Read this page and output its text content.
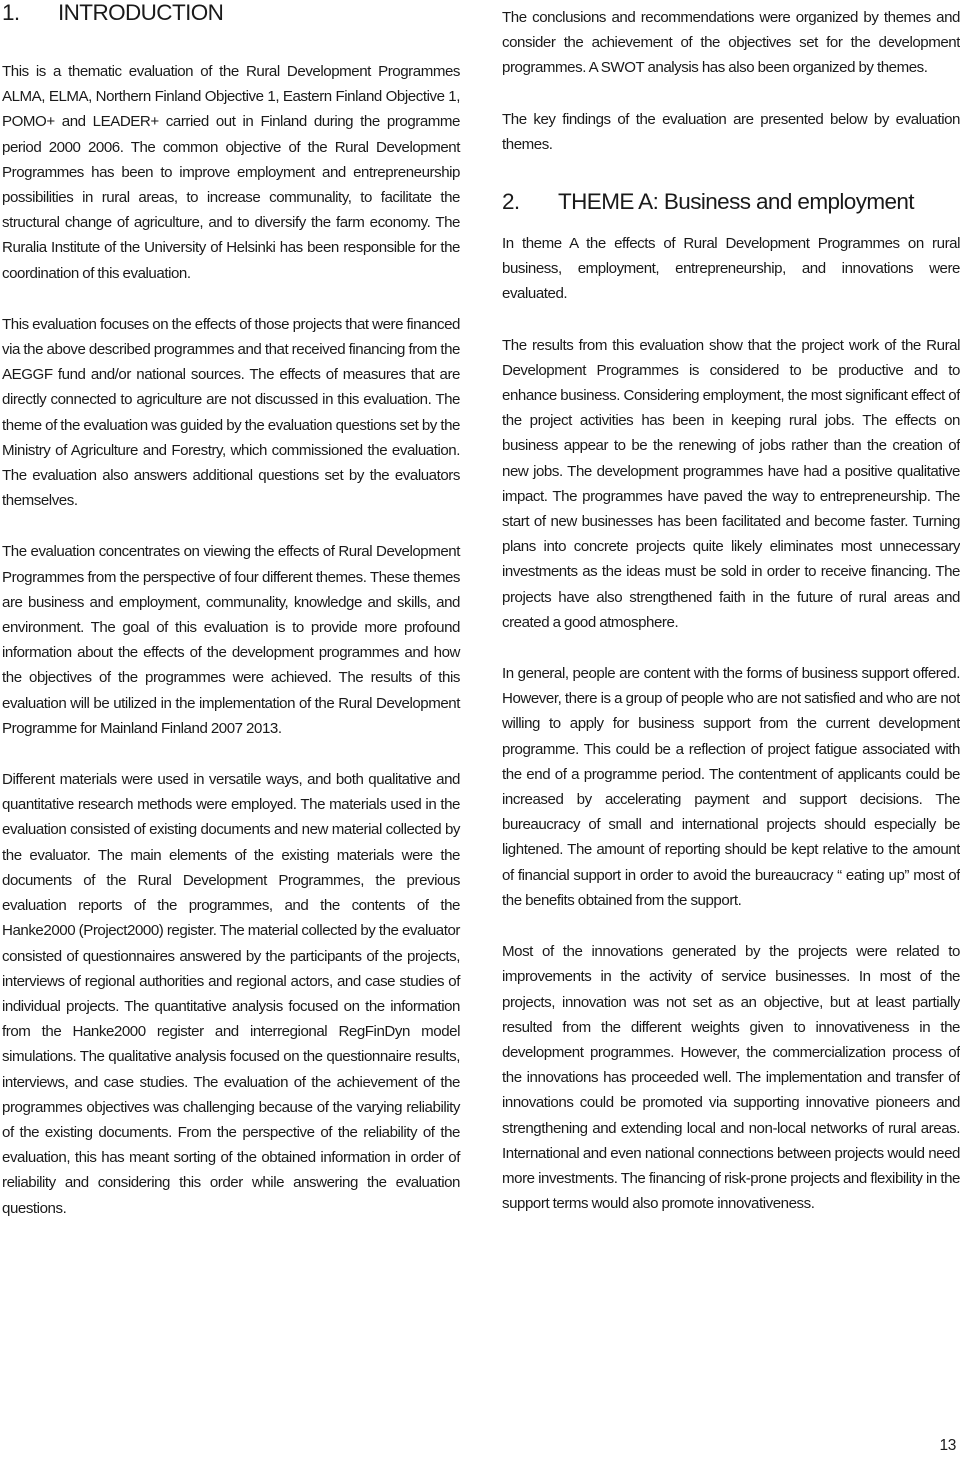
1.	INTRODUCTION

This is a thematic evaluation of the Rural Development Programmes ALMA, ELMA, Northern Finland Objective 1, Eastern Finland Objective 1, POMO+ and LEADER+ carried out in Finland during the programme period 2000 2006. The common objective of the Rural Development Programmes has been to improve employment and entrepreneurship possibilities in rural areas, to increase communality, to facilitate the structural change of agriculture, and to diversify the farm economy. The Ruralia Institute of the University of Helsinki has been responsible for the coordination of this evaluation.

This evaluation focuses on the effects of those projects that were financed via the above described programmes and that received financing from the AEGGF fund and/or national sources. The effects of measures that are directly connected to agriculture are not discussed in this evaluation. The theme of the evaluation was guided by the evaluation questions set by the Ministry of Agriculture and Forestry, which commissioned the evaluation. The evaluation also answers additional questions set by the evaluators themselves.

The evaluation concentrates on viewing the effects of Rural Development Programmes from the perspective of four different themes. These themes are business and employment, communality, knowledge and skills, and environment. The goal of this evaluation is to provide more profound information about the effects of the development programmes and how the objectives of the programmes were achieved. The results of this evaluation will be utilized in the implementation of the Rural Development Programme for Mainland Finland 2007 2013.

Different materials were used in versatile ways, and both qualitative and quantitative research methods were employed. The materials used in the evaluation consisted of existing documents and new material collected by the evaluator. The main elements of the existing materials were the documents of the Rural Development Programmes, the previous evaluation reports of the programmes, and the contents of the Hanke2000 (Project2000) register. The material collected by the evaluator consisted of questionnaires answered by the participants of the projects, interviews of regional authorities and regional actors, and case studies of individual projects. The quantitative analysis focused on the information from the Hanke2000 register and interregional RegFinDyn model simulations. The qualitative analysis focused on the questionnaire results, interviews, and case studies. The evaluation of the achievement of the programmes objectives was challenging because of the varying reliability of the existing documents. From the perspective of the reliability of the evaluation, this has meant sorting of the obtained information in order of reliability and considering this order while answering the evaluation questions.

The conclusions and recommendations were organized by themes and consider the achievement of the objectives set for the development programmes. A SWOT analysis has also been organized by themes.

The key findings of the evaluation are presented below by evaluation themes.

2.	THEME A: Business and employment

In theme A the effects of Rural Development Programmes on rural business, employment, entrepreneurship, and innovations were evaluated.

The results from this evaluation show that the project work of the Rural Development Programmes is considered to be productive and to enhance business. Considering employment, the most significant effect of the project activities has been in keeping rural jobs. The effects on business appear to be the renewing of jobs rather than the creation of new jobs. The development programmes have had a positive qualitative impact. The programmes have paved the way to entrepreneurship. The start of new businesses has been facilitated and become faster. Turning plans into concrete projects quite likely eliminates most unnecessary investments as the ideas must be sold in order to receive financing. The projects have also strengthened faith in the future of rural areas and created a good atmosphere.

In general, people are content with the forms of business support offered. However, there is a group of people who are not satisfied and who are not willing to apply for business support from the current development programme. This could be a reflection of project fatigue associated with the end of a programme period. The contentment of applicants could be increased by accelerating payment and support decisions. The bureaucracy of small and international projects should especially be lightened. The amount of reporting should be kept relative to the amount of financial support in order to avoid the bureaucracy “ eating up” most of the benefits obtained from the support.

Most of the innovations generated by the projects were related to improvements in the activity of service businesses. In most of the projects, innovation was not set as an objective, but at least partially resulted from the different weights given to innovativeness in the development programmes. However, the commercialization process of the innovations has proceeded well. The implementation and transfer of innovations could be promoted via supporting innovative pioneers and strengthening and extending local and non-local networks of rural areas. International and even national connections between projects would need more investments. The financing of risk-prone projects and flexibility in the support terms would also promote innovativeness.

13
